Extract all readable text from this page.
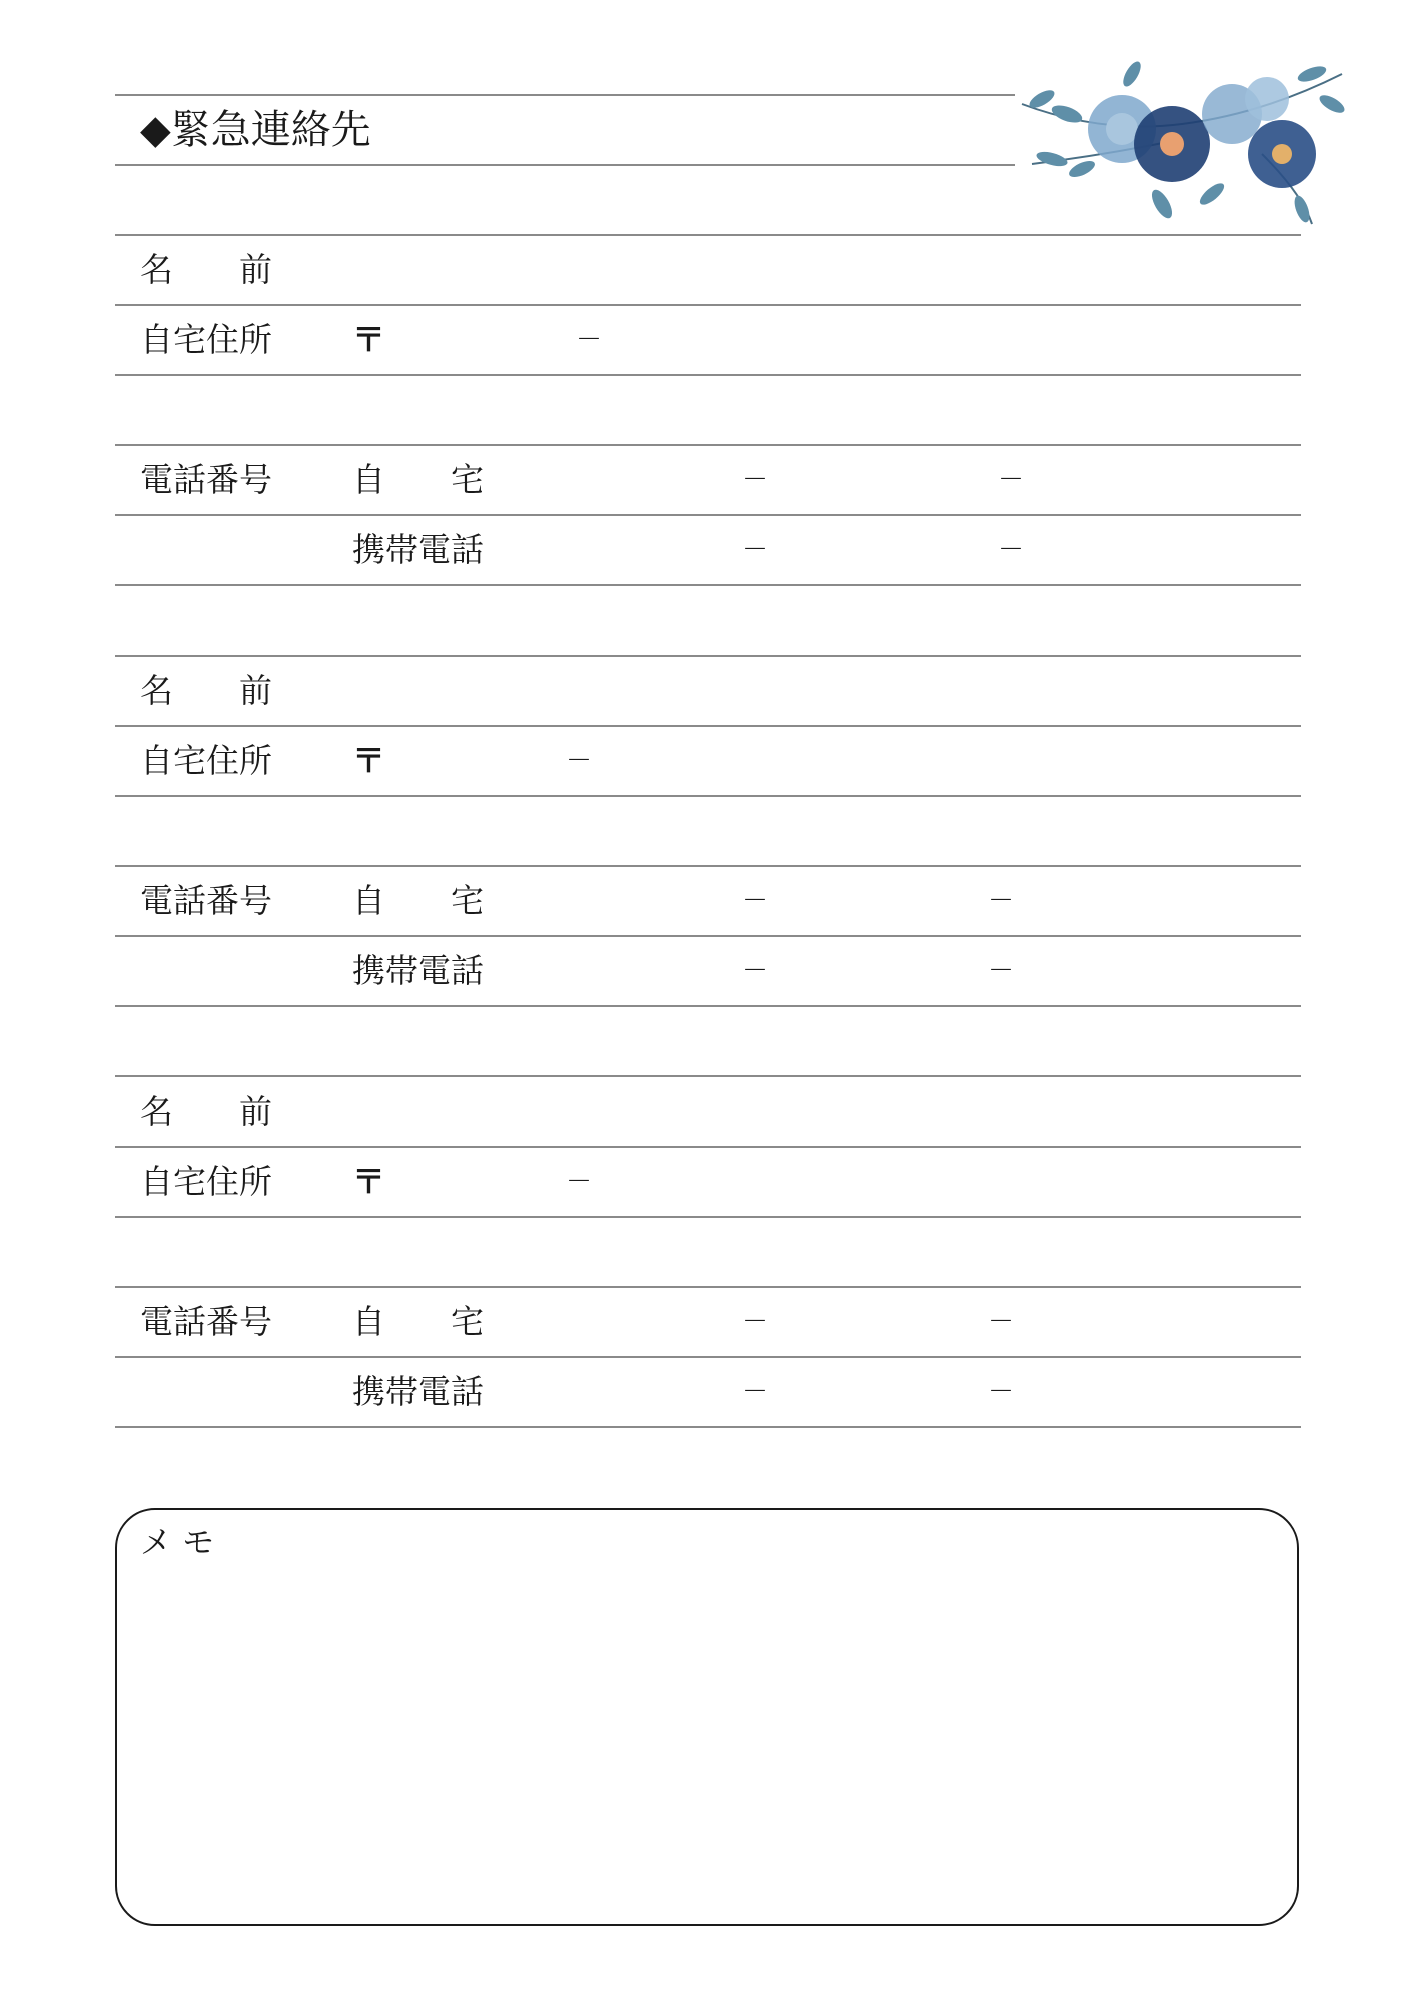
◆緊急連絡先
名　　前
自宅住所 〒	－
電話番号 自　　宅	－	－
携帯電話	－	－
名　　前
自宅住所 〒	－
電話番号 自　　宅	－	－
携帯電話	－	－
名　　前
自宅住所 〒	－
電話番号 自　　宅	－	－
携帯電話	－	－
メ モ
